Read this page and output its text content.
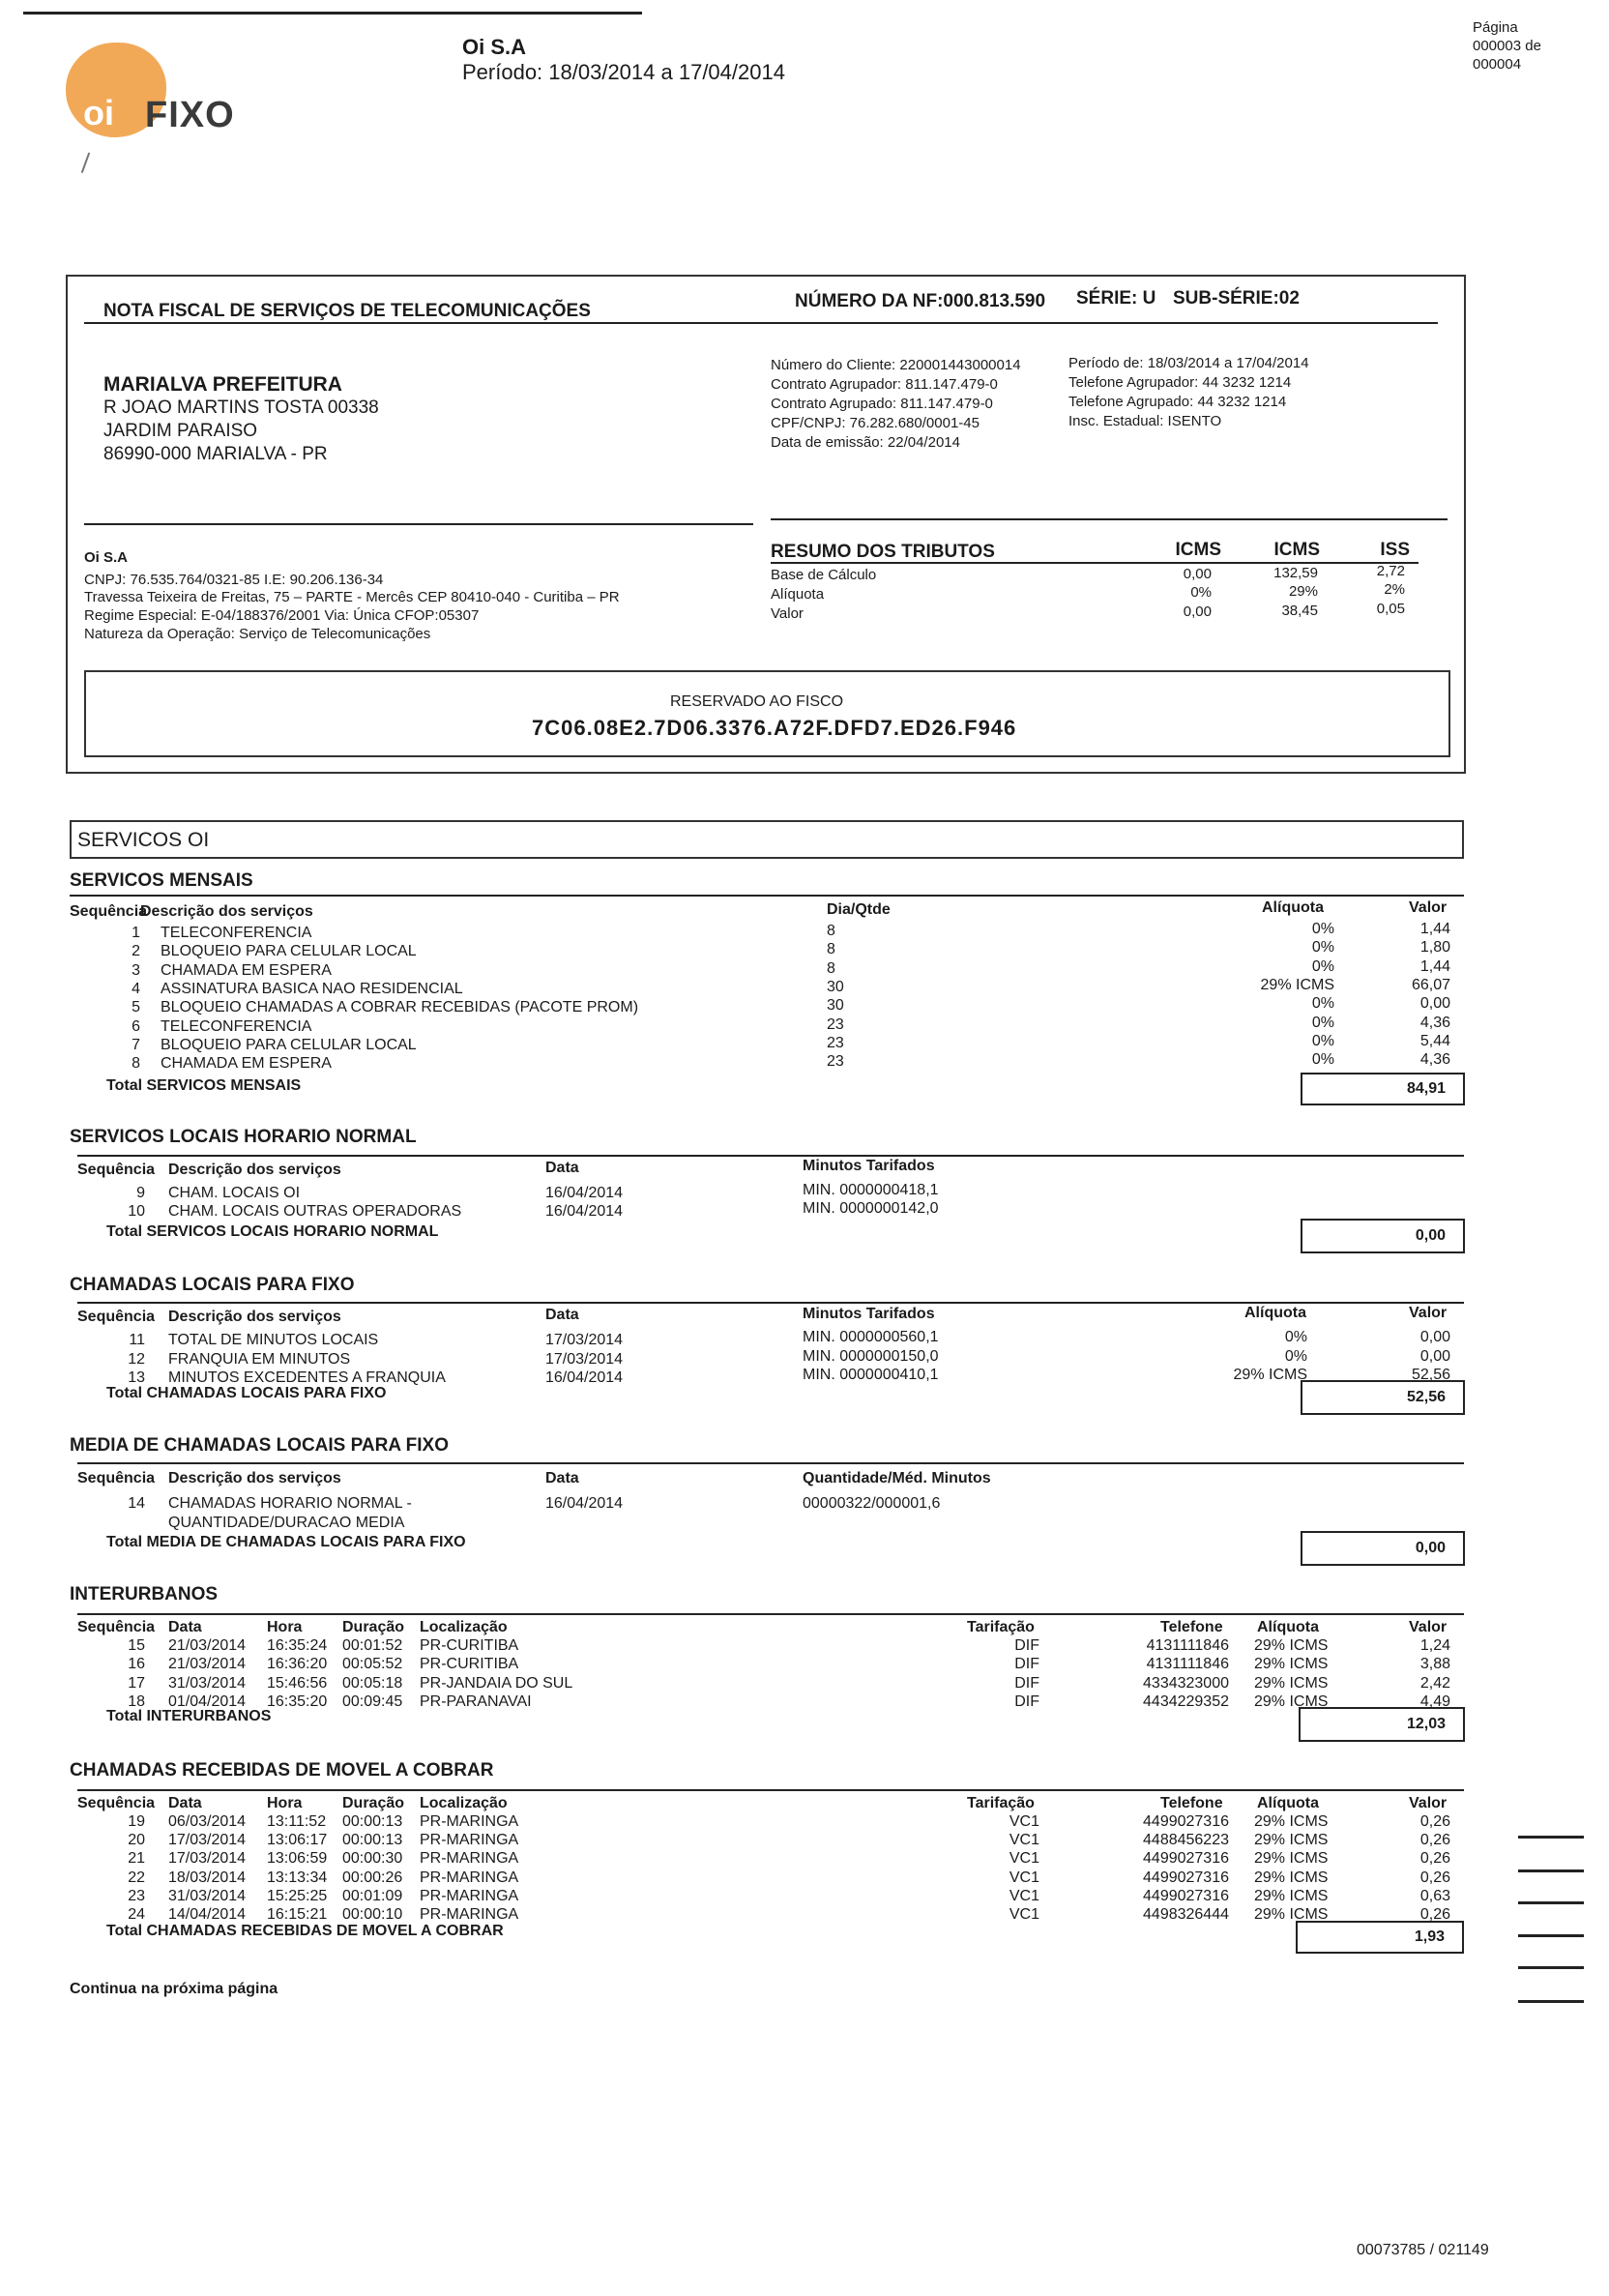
oi FIXO
Oi S.A
Período: 18/03/2014 a 17/04/2014
Página
000003 de
000004
NOTA FISCAL DE SERVIÇOS DE TELECOMUNICAÇÕES	NÚMERO DA NF:000.813.590 SÉRIE: U SUB-SÉRIE:02
MARIALVA PREFEITURA
R JOAO MARTINS TOSTA 00338
JARDIM PARAISO
86990-000 MARIALVA - PR
Número do Cliente: 220001443000014
Contrato Agrupador: 811.147.479-0
Contrato Agrupado: 811.147.479-0
CPF/CNPJ: 76.282.680/0001-45
Data de emissão: 22/04/2014
Período de: 18/03/2014 a 17/04/2014
Telefone Agrupador: 44 3232 1214
Telefone Agrupado: 44 3232 1214
Insc. Estadual: ISENTO
Oi S.A
CNPJ: 76.535.764/0321-85 I.E: 90.206.136-34
Travessa Teixeira de Freitas, 75 – PARTE - Mercês CEP 80410-040 - Curitiba – PR
Regime Especial: E-04/188376/2001 Via: Única CFOP:05307
Natureza da Operação: Serviço de Telecomunicações
RESUMO DOS TRIBUTOS	ICMS	ICMS	ISS
Base de Cálculo	0,00	132,59	2,72
Alíquota	0%	29%	2%
Valor	0,00	38,45	0,05
RESERVADO AO FISCO
7C06.08E2.7D06.3376.A72F.DFD7.ED26.F946
SERVICOS OI
SERVICOS MENSAIS
Sequência
Descrição dos serviços	Dia/Qtde	Alíquota	Valor
1 TELECONFERENCIA	8	0%	1,44
2 BLOQUEIO PARA CELULAR LOCAL	8	0%	1,80
3 CHAMADA EM ESPERA	8	0%	1,44
4 ASSINATURA BASICA NAO RESIDENCIAL	30	29% ICMS	66,07
5 BLOQUEIO CHAMADAS A COBRAR RECEBIDAS (PACOTE PROM)	30	0%	0,00
6 TELECONFERENCIA	23	0%	4,36
7 BLOQUEIO PARA CELULAR LOCAL	23	0%	5,44
8 CHAMADA EM ESPERA	23	0%	4,36
Total SERVICOS MENSAIS	84,91
SERVICOS LOCAIS HORARIO NORMAL
Sequência Descrição dos serviços	Data	Minutos Tarifados
9 CHAM. LOCAIS OI	16/04/2014	MIN. 0000000418,1
10 CHAM. LOCAIS OUTRAS OPERADORAS	16/04/2014	MIN. 0000000142,0
Total SERVICOS LOCAIS HORARIO NORMAL	0,00
CHAMADAS LOCAIS PARA FIXO
Sequência Descrição dos serviços	Data	Minutos Tarifados	Alíquota	Valor
11 TOTAL DE MINUTOS LOCAIS	17/03/2014	MIN. 0000000560,1	0%	0,00
12 FRANQUIA EM MINUTOS	17/03/2014	MIN. 0000000150,0	0%	0,00
13 MINUTOS EXCEDENTES A FRANQUIA	16/04/2014	MIN. 0000000410,1	29% ICMS	52,56
Total CHAMADAS LOCAIS PARA FIXO	52,56
MEDIA DE CHAMADAS LOCAIS PARA FIXO
Sequência Descrição dos serviços	Data	Quantidade/Méd. Minutos
14 CHAMADAS HORARIO NORMAL -
QUANTIDADE/DURACAO MEDIA
16/04/2014	00000322/000001,6
Total MEDIA DE CHAMADAS LOCAIS PARA FIXO	0,00
INTERURBANOS
Sequência Data	Hora	Duração Localização	Tarifação	Telefone Alíquota	Valor
15 21/03/2014 16:35:24 00:01:52 PR-CURITIBA	DIF	4131111846 29% ICMS	1,24
16 21/03/2014 16:36:20 00:05:52 PR-CURITIBA	DIF	4131111846 29% ICMS	3,88
17 31/03/2014 15:46:56 00:05:18 PR-JANDAIA DO SUL	DIF	4334323000 29% ICMS	2,42
18 01/04/2014 16:35:20 00:09:45 PR-PARANAVAI	DIF	4434229352 29% ICMS	4,49
Total INTERURBANOS	12,03
CHAMADAS RECEBIDAS DE MOVEL A COBRAR
Sequência Data	Hora	Duração Localização	Tarifação	Telefone Alíquota	Valor
19 06/03/2014 13:11:52 00:00:13 PR-MARINGA	VC1	4499027316 29% ICMS	0,26
20 17/03/2014 13:06:17 00:00:13 PR-MARINGA	VC1	4488456223 29% ICMS	0,26
21 17/03/2014 13:06:59 00:00:30 PR-MARINGA	VC1	4499027316 29% ICMS	0,26
22 18/03/2014 13:13:34 00:00:26 PR-MARINGA	VC1	4499027316 29% ICMS	0,26
23 31/03/2014 15:25:25 00:01:09 PR-MARINGA	VC1	4499027316 29% ICMS	0,63
24 14/04/2014 16:15:21 00:00:10 PR-MARINGA	VC1	4498326444 29% ICMS	0,26
Total CHAMADAS RECEBIDAS DE MOVEL A COBRAR	1,93
Continua na próxima página
00073785 / 021149
